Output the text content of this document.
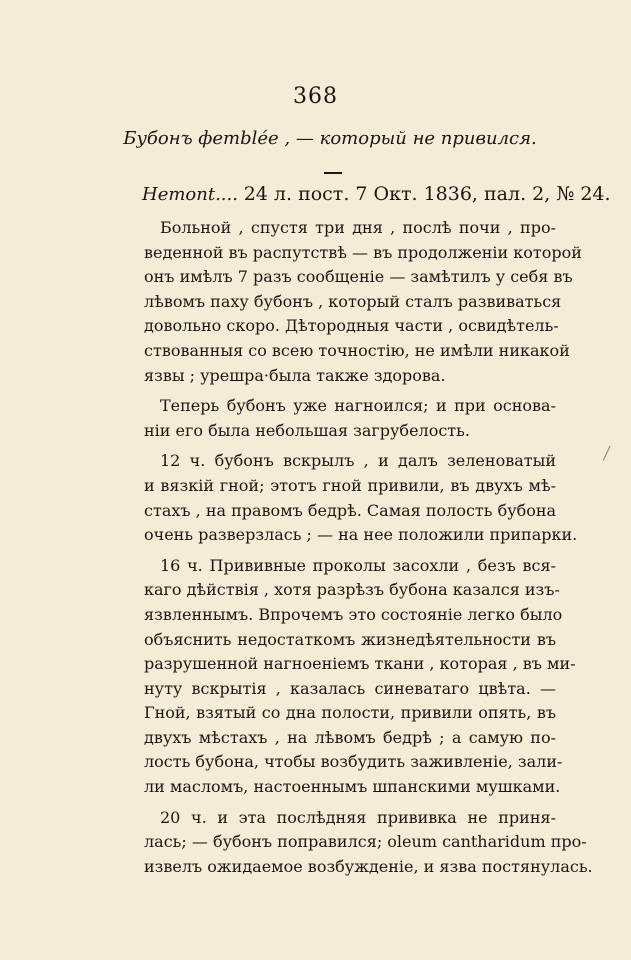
368
Бубонъ фетblée , — который не привился.
Hemont.... 24 л. пост. 7 Окт. 1836, пал. 2, № 24.
Больной , спустя три дня , послѣ почи , про-
веденной въ распутствѣ — въ продолженіи которой
онъ имѣлъ 7 разъ сообщеніе — замѣтилъ у себя въ
лѣвомъ паху бубонъ , который сталъ развиваться
довольно скоро. Дѣтородныя части , освидѣтель-
ствованныя со всею точностію, не имѣли никакой
язвы ; урешра·была также здорова.
Теперь бубонъ уже нагноился; и при основа-
ніи его была небольшая загрубелость.
12 ч. бубонъ вскрылъ , и далъ зеленоватый
и вязкій гной; этотъ гной привили, въ двухъ мѣ-
стахъ , на правомъ бедрѣ. Самая полость бубона
очень разверзлась ; — на нее положили припарки.
16 ч. Прививные проколы засохли , безъ вся-
каго дѣйствія , хотя разрѣзъ бубона казался изъ-
язвленнымъ. Впрочемъ это состояніе легко было
объяснить недостаткомъ жизнедѣятельности въ
разрушенной нагноеніемъ ткани , которая , въ ми-
нуту вскрытія , казалась синеватаго цвѣта. —
Гной, взятый со дна полости, привили опять, въ
двухъ мѣстахъ , на лѣвомъ бедрѣ ; а самую по-
лость бубона, чтобы возбудить заживленіе, зали-
ли масломъ, настоеннымъ шпанскими мушками.
20 ч. и эта послѣдняя прививка не приня-
лась; — бубонъ поправился; oleum cantharidum про-
извелъ ожидаемое возбужденіе, и язва постянулась.
